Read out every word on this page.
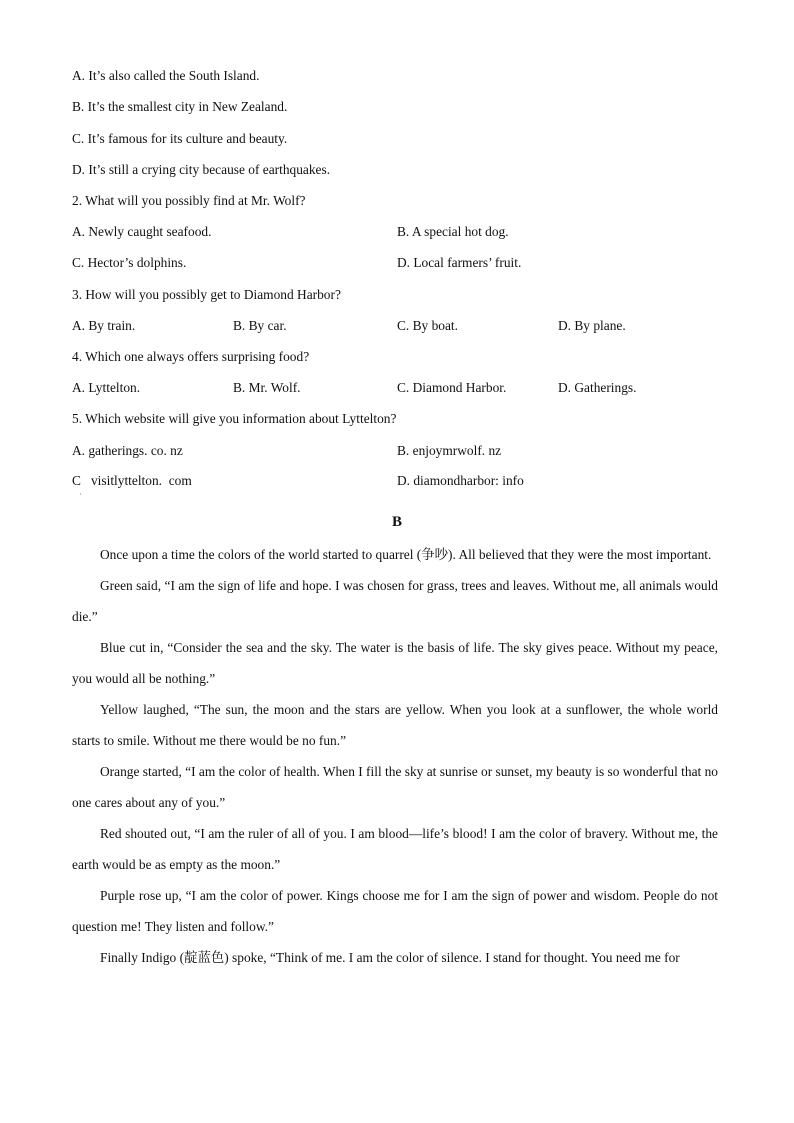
A. It’s also called the South Island.
B. It’s the smallest city in New Zealand.
C. It’s famous for its culture and beauty.
D. It’s still a crying city because of earthquakes.
2. What will you possibly find at Mr. Wolf?
A. Newly caught seafood.	B. A special hot dog.
C. Hector’s dolphins.	D. Local farmers’ fruit.
3. How will you possibly get to Diamond Harbor?
A. By train.	B. By car.	C. By boat.	D. By plane.
4. Which one always offers surprising food?
A. Lyttelton.	B. Mr. Wolf.	C. Diamond Harbor.	D. Gatherings.
5. Which website will give you information about Lyttelton?
A. gatherings. co. nz	B. enjoymrwolf. nz
C   visitlyttelton.  com	D. diamondharbor: info
·
B

Once upon a time the colors of the world started to quarrel (争吵). All believed that they were the most important.

Green said, “I am the sign of life and hope. I was chosen for grass, trees and leaves. Without me, all animals would die.”

Blue cut in, “Consider the sea and the sky. The water is the basis of life. The sky gives peace. Without my peace, you would all be nothing.”

Yellow laughed, “The sun, the moon and the stars are yellow. When you look at a sunflower, the whole world starts to smile. Without me there would be no fun.”

Orange started, “I am the color of health. When I fill the sky at sunrise or sunset, my beauty is so wonderful that no one cares about any of you.”

Red shouted out, “I am the ruler of all of you. I am blood—life’s blood! I am the color of bravery. Without me, the earth would be as empty as the moon.”

Purple rose up, “I am the color of power. Kings choose me for I am the sign of power and wisdom. People do not question me! They listen and follow.”

Finally Indigo (靛蓝色) spoke, “Think of me. I am the color of silence. I stand for thought. You need me for
